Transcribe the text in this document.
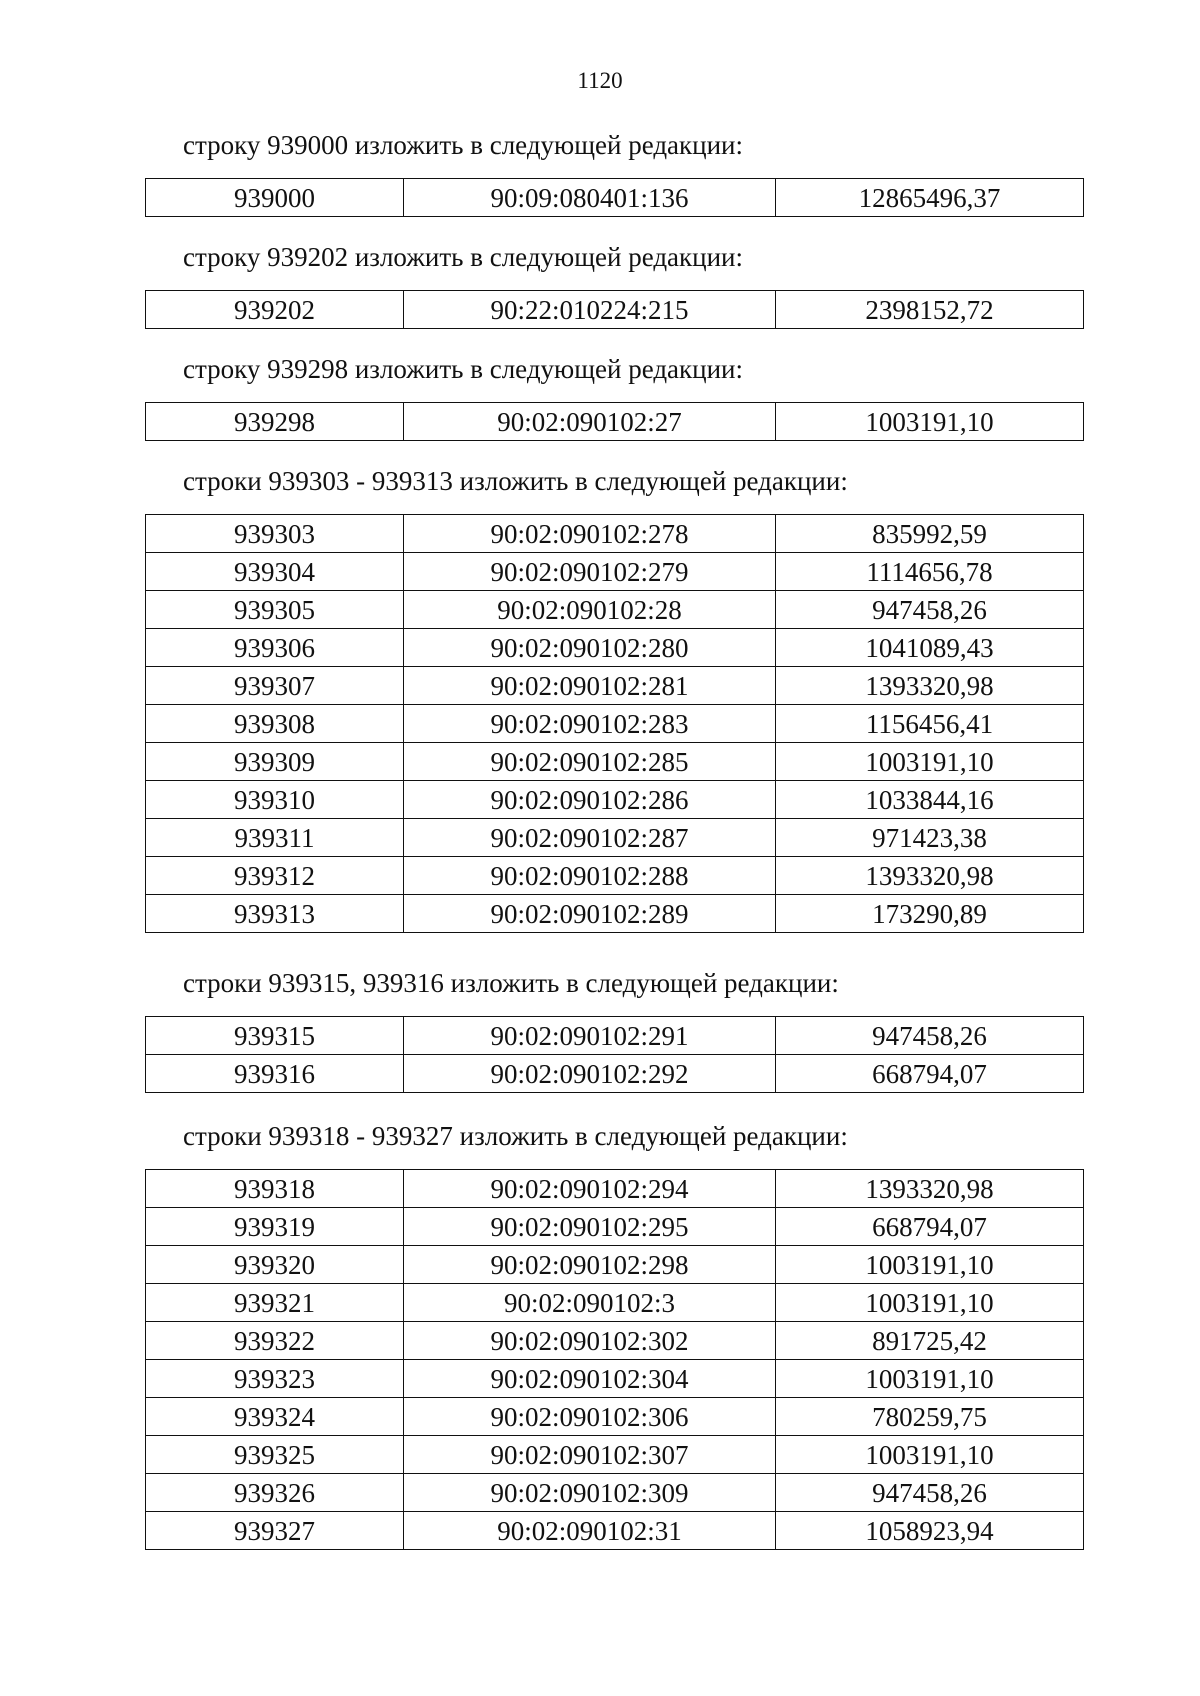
1120
строку 939000 изложить в следующей редакции:
939000	90:09:080401:136	12865496,37
строку 939202 изложить в следующей редакции:
939202	90:22:010224:215	2398152,72
строку 939298 изложить в следующей редакции:
939298	90:02:090102:27	1003191,10
строки 939303 - 939313 изложить в следующей редакции:
939303	90:02:090102:278	835992,59
939304	90:02:090102:279	1114656,78
939305	90:02:090102:28	947458,26
939306	90:02:090102:280	1041089,43
939307	90:02:090102:281	1393320,98
939308	90:02:090102:283	1156456,41
939309	90:02:090102:285	1003191,10
939310	90:02:090102:286	1033844,16
939311	90:02:090102:287	971423,38
939312	90:02:090102:288	1393320,98
939313	90:02:090102:289	173290,89
строки 939315, 939316 изложить в следующей редакции:
939315	90:02:090102:291	947458,26
939316	90:02:090102:292	668794,07
строки 939318 - 939327 изложить в следующей редакции:
939318	90:02:090102:294	1393320,98
939319	90:02:090102:295	668794,07
939320	90:02:090102:298	1003191,10
939321	90:02:090102:3	1003191,10
939322	90:02:090102:302	891725,42
939323	90:02:090102:304	1003191,10
939324	90:02:090102:306	780259,75
939325	90:02:090102:307	1003191,10
939326	90:02:090102:309	947458,26
939327	90:02:090102:31	1058923,94
